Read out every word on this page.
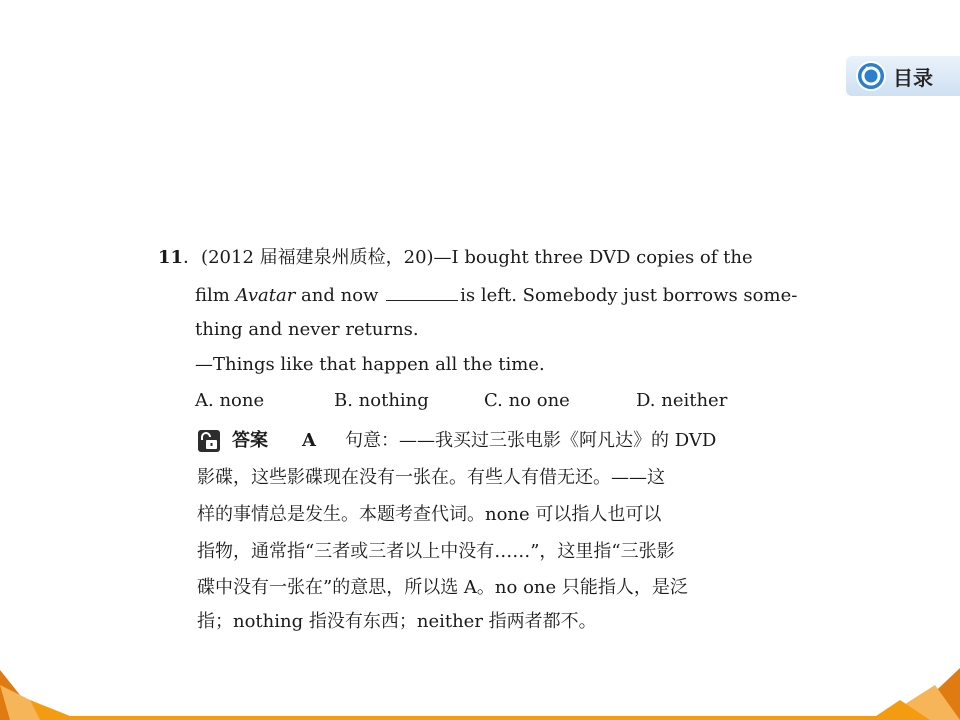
目录
11．(2012 届福建泉州质检，20)—I bought three DVD copies of the
film Avatar and now	is left. Somebody just borrows some-
thing and never returns.
—Things like that happen all the time.
A. none	B. nothing	C. no one	D. neither
答案 A 句意：——我买过三张电影《阿凡达》的 DVD
影碟，这些影碟现在没有一张在。有些人有借无还。——这
样的事情总是发生。本题考查代词。none 可以指人也可以
指物，通常指“三者或三者以上中没有……”，这里指“三张影
碟中没有一张在”的意思，所以选 A。no one 只能指人，是泛
指；nothing 指没有东西；neither 指两者都不。
